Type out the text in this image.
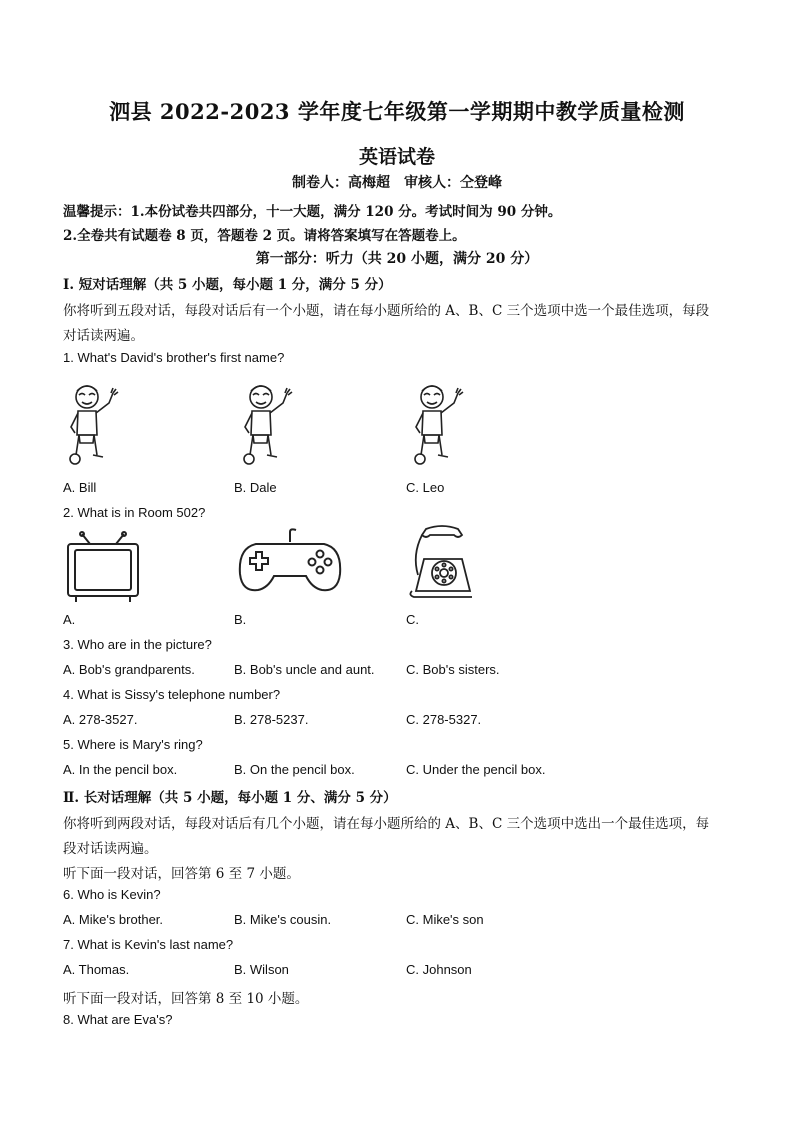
泗县 2022-2023 学年度七年级第一学期期中教学质量检测
英语试卷
制卷人：高梅超　审核人：仝登峰
温馨提示：1.本份试卷共四部分，十一大题，满分 120 分。考试时间为 90 分钟。
2.全卷共有试题卷 8 页，答题卷 2 页。请将答案填写在答题卷上。
第一部分：听力（共 20 小题，满分 20 分）
Ⅰ. 短对话理解（共 5 小题，每小题 1 分，满分 5 分）
你将听到五段对话，每段对话后有一个小题，请在每小题所给的 A、B、C 三个选项中选一个最佳选项，每段
对话读两遍。
1. What's David's brother's first name?
A. Bill	B. Dale	C. Leo
2. What is in Room 502?
A.	B.	C.
3. Who are in the picture?
A. Bob's grandparents.	B. Bob's uncle and aunt. C. Bob's sisters.
4. What is Sissy's telephone number?
A. 278-3527.	B. 278-5237.	C. 278-5327.
5. Where is Mary's ring?
A. In the pencil box.	B. On the pencil box.	C. Under the pencil box.
Ⅱ. 长对话理解（共 5 小题，每小题 1 分、满分 5 分）
你将听到两段对话，每段对话后有几个小题，请在每小题所给的 A、B、C 三个选项中选出一个最佳选项，每
段对话读两遍。
听下面一段对话，回答第 6 至 7 小题。
6. Who is Kevin?
A. Mike's brother.	B. Mike's cousin.	C. Mike's son
7. What is Kevin's last name?
A. Thomas.	B. Wilson	C. Johnson
听下面一段对话，回答第 8 至 10 小题。
8. What are Eva's?
